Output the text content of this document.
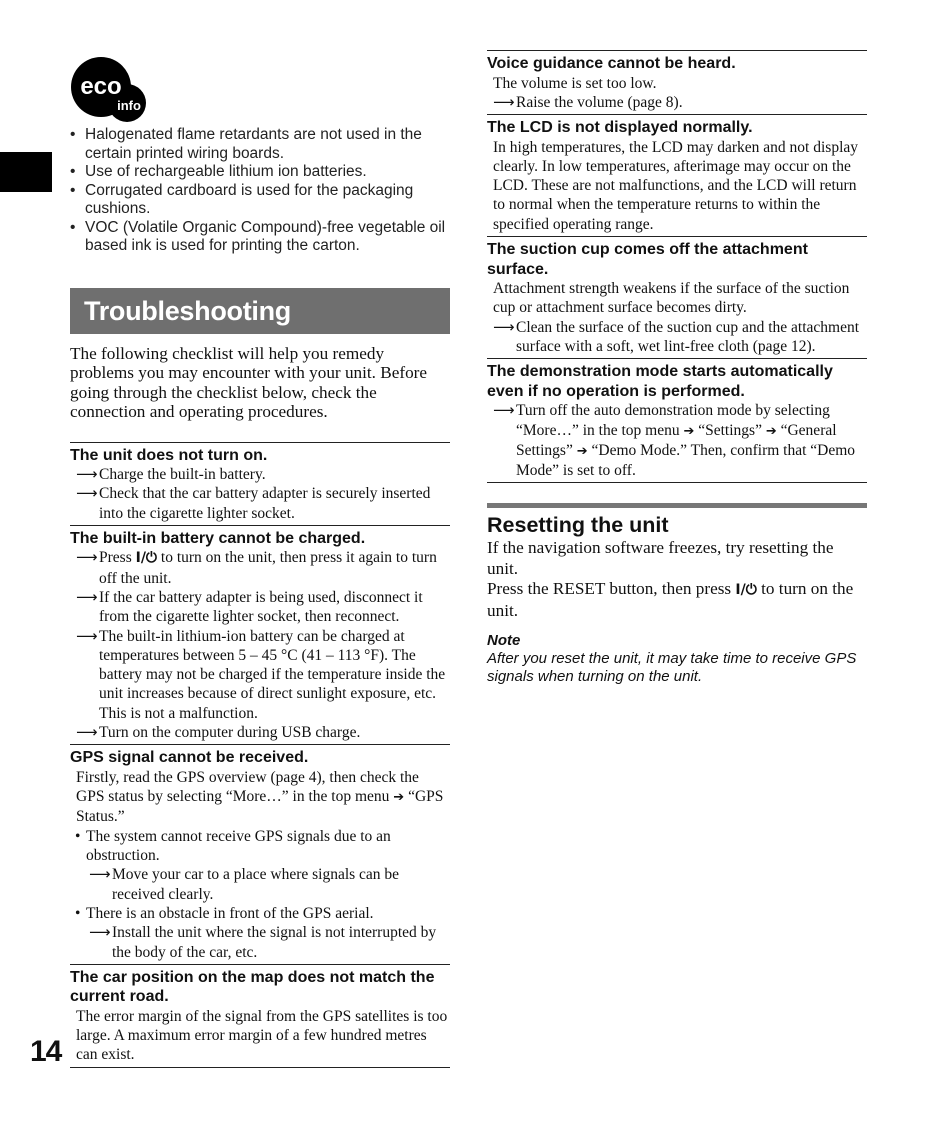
eco
info
• Halogenated flame retardants are not used in the certain printed wiring boards.
• Use of rechargeable lithium ion batteries.
• Corrugated cardboard is used for the packaging cushions.
• VOC (Volatile Organic Compound)-free vegetable oil based ink is used for printing the carton.
Troubleshooting
The following checklist will help you remedy problems you may encounter with your unit. Before going through the checklist below, check the connection and operating procedures.
The unit does not turn on.
⟶ Charge the built-in battery.
⟶ Check that the car battery adapter is securely inserted into the cigarette lighter socket.
The built-in battery cannot be charged.
⟶ Press I/⏻ to turn on the unit, then press it again to turn off the unit.
⟶ If the car battery adapter is being used, disconnect it from the cigarette lighter socket, then reconnect.
⟶ The built-in lithium-ion battery can be charged at temperatures between 5 – 45 °C (41 – 113 °F). The battery may not be charged if the temperature inside the unit increases because of direct sunlight exposure, etc. This is not a malfunction.
⟶ Turn on the computer during USB charge.
GPS signal cannot be received.
Firstly, read the GPS overview (page 4), then check the GPS status by selecting “More…” in the top menu ➔ “GPS Status.”
• The system cannot receive GPS signals due to an obstruction.
⟶ Move your car to a place where signals can be received clearly.
• There is an obstacle in front of the GPS aerial.
⟶ Install the unit where the signal is not interrupted by the body of the car, etc.
The car position on the map does not match the current road.
The error margin of the signal from the GPS satellites is too large. A maximum error margin of a few hundred metres can exist.
Voice guidance cannot be heard.
The volume is set too low.
⟶ Raise the volume (page 8).
The LCD is not displayed normally.
In high temperatures, the LCD may darken and not display clearly. In low temperatures, afterimage may occur on the LCD. These are not malfunctions, and the LCD will return to normal when the temperature returns to within the specified operating range.
The suction cup comes off the attachment surface.
Attachment strength weakens if the surface of the suction cup or attachment surface becomes dirty.
⟶ Clean the surface of the suction cup and the attachment surface with a soft, wet lint-free cloth (page 12).
The demonstration mode starts automatically even if no operation is performed.
⟶ Turn off the auto demonstration mode by selecting “More…” in the top menu ➔ “Settings” ➔ “General Settings” ➔ “Demo Mode.” Then, confirm that “Demo Mode” is set to off.
Resetting the unit
If the navigation software freezes, try resetting the unit.
Press the RESET button, then press I/⏻ to turn on the unit.
Note
After you reset the unit, it may take time to receive GPS signals when turning on the unit.
14
